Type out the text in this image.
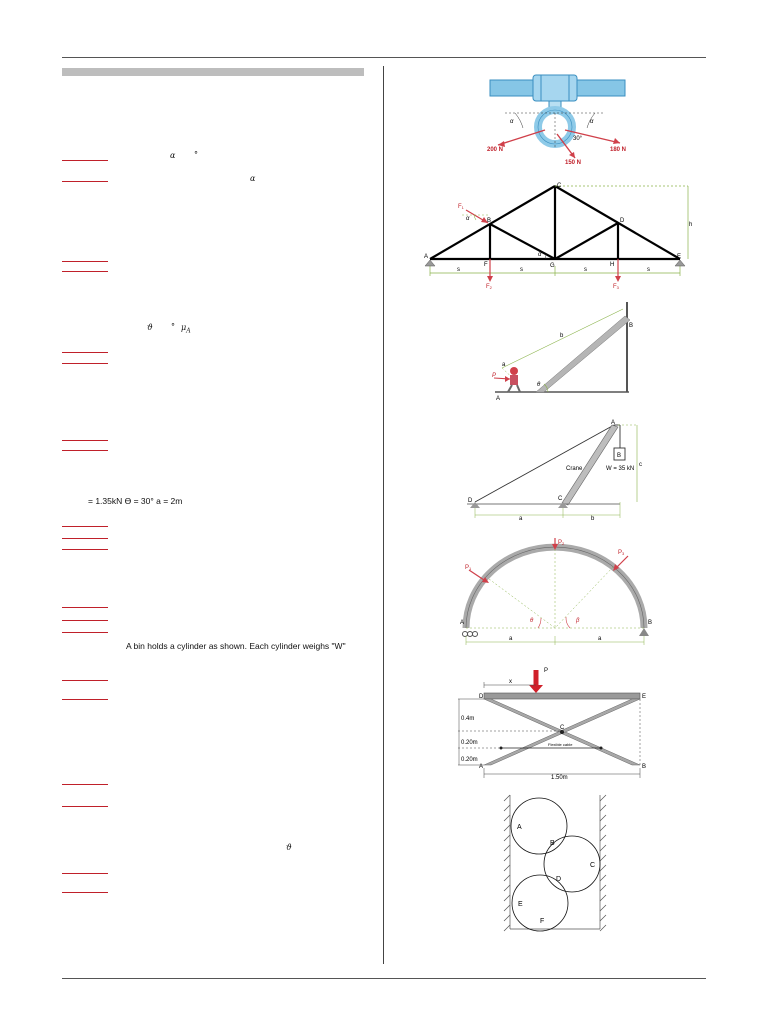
α °
α
ϑ ° $\mu_A$
= 1.35kN ϴ = 30° a = 2m
A bin holds a cylinder as shown. Each cylinder weighs "W"
ϑ
α	α
30°
200 N
150 N
180 N
A
B
C
D
E
F	G	H
h
s	s	s	s
α
α
F1
F2	F3
b
a
P
θ
A
B
A
B
C
D
Crane	W = 35 kN
a	b
c
P2
P1
P3
θ	β
A	B
a	a
P
x
D	E
C
A	B
0.4m
0.20m
0.20m
1.50m
Flexible cable
A
B
C
D
E
F
